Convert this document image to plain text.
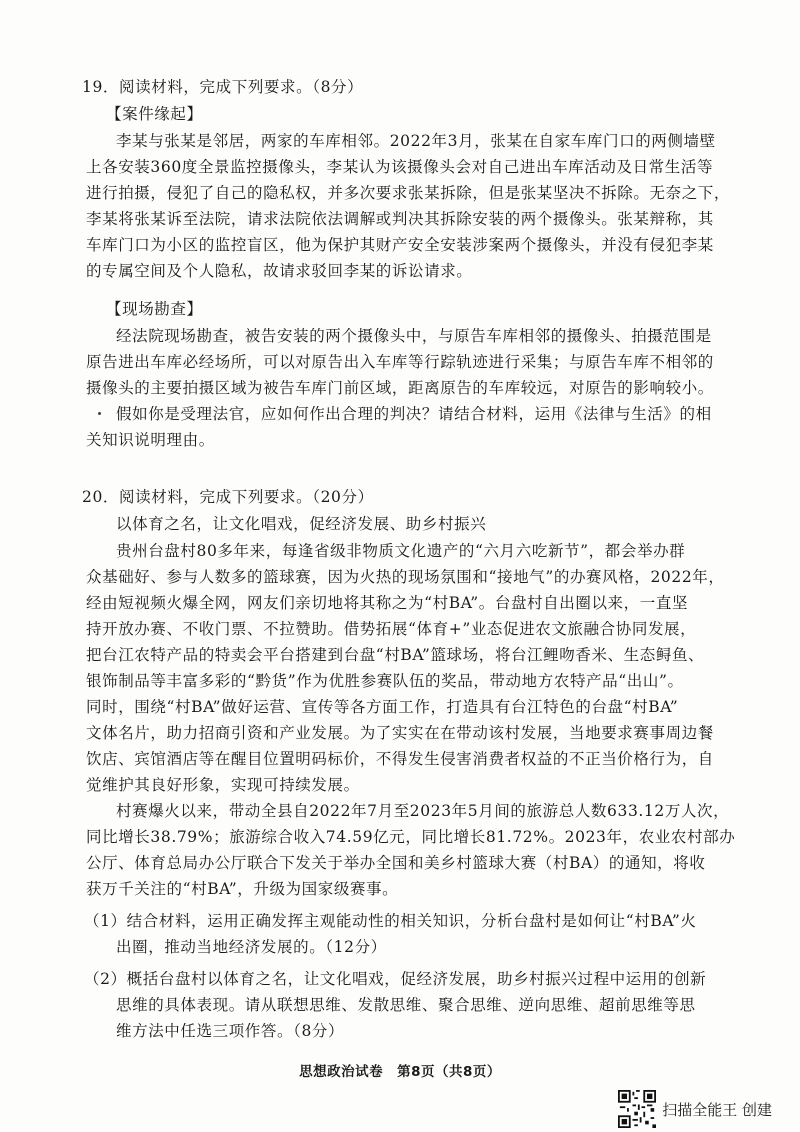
19．阅读材料，完成下列要求。（8分）
【案件缘起】
李某与张某是邻居，两家的车库相邻。2022年3月，张某在自家车库门口的两侧墙壁
上各安装360度全景监控摄像头，李某认为该摄像头会对自己进出车库活动及日常生活等
进行拍摄，侵犯了自己的隐私权，并多次要求张某拆除，但是张某坚决不拆除。无奈之下，
李某将张某诉至法院，请求法院依法调解或判决其拆除安装的两个摄像头。张某辩称，其
车库门口为小区的监控盲区，他为保护其财产安全安装涉案两个摄像头，并没有侵犯李某
的专属空间及个人隐私，故请求驳回李某的诉讼请求。
【现场勘查】
经法院现场勘查，被告安装的两个摄像头中，与原告车库相邻的摄像头、拍摄范围是
原告进出车库必经场所，可以对原告出入车库等行踪轨迹进行采集；与原告车库不相邻的
摄像头的主要拍摄区域为被告车库门前区域，距离原告的车库较远，对原告的影响较小。
假如你是受理法官，应如何作出合理的判决？请结合材料，运用《法律与生活》的相
关知识说明理由。
20．阅读材料，完成下列要求。（20分）
以体育之名，让文化唱戏，促经济发展、助乡村振兴
贵州台盘村80多年来，每逢省级非物质文化遗产的“六月六吃新节”，都会举办群
众基础好、参与人数多的篮球赛，因为火热的现场氛围和“接地气”的办赛风格，2022年，
经由短视频火爆全网，网友们亲切地将其称之为“村BA”。台盘村自出圈以来，一直坚
持开放办赛、不收门票、不拉赞助。借势拓展“体育+”业态促进农文旅融合协同发展，
把台江农特产品的特卖会平台搭建到台盘“村BA”篮球场，将台江鲤吻香米、生态鲟鱼、
银饰制品等丰富多彩的“黔货”作为优胜参赛队伍的奖品，带动地方农特产品“出山”。
同时，围绕“村BA”做好运营、宣传等各方面工作，打造具有台江特色的台盘“村BA”
文体名片，助力招商引资和产业发展。为了实实在在带动该村发展，当地要求赛事周边餐
饮店、宾馆酒店等在醒目位置明码标价，不得发生侵害消费者权益的不正当价格行为，自
觉维护其良好形象，实现可持续发展。
村赛爆火以来，带动全县自2022年7月至2023年5月间的旅游总人数633.12万人次，
同比增长38.79%；旅游综合收入74.59亿元，同比增长81.72%。2023年，农业农村部办
公厅、体育总局办公厅联合下发关于举办全国和美乡村篮球大赛（村BA）的通知，将收
获万千关注的“村BA”，升级为国家级赛事。
（1）结合材料，运用正确发挥主观能动性的相关知识，分析台盘村是如何让“村BA”火
出圈，推动当地经济发展的。（12分）
（2）概括台盘村以体育之名，让文化唱戏，促经济发展，助乡村振兴过程中运用的创新
思维的具体表现。请从联想思维、发散思维、聚合思维、逆向思维、超前思维等思
维方法中任选三项作答。（8分）
思想政治试卷　第8页（共8页）
扫描全能王 创建
